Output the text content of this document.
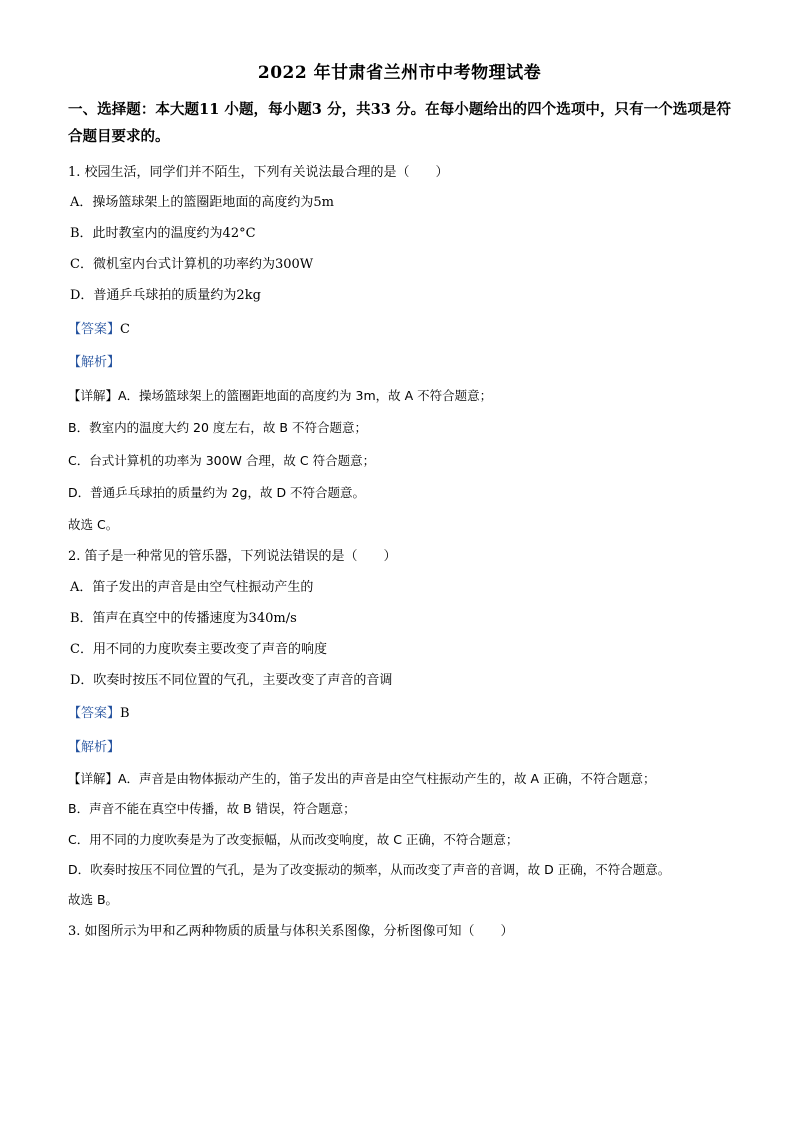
2022 年甘肃省兰州市中考物理试卷
一、选择题：本大题11 小题，每小题3 分，共33 分。在每小题给出的四个选项中，只有一个选项是符合题目要求的。
1. 校园生活，同学们并不陌生，下列有关说法最合理的是（　　）
A．操场篮球架上的篮圈距地面的高度约为5m
B．此时教室内的温度约为42°C
C．微机室内台式计算机的功率约为300W
D．普通乒乓球拍的质量约为2kg
【答案】C
【解析】
【详解】A．操场篮球架上的篮圈距地面的高度约为 3m，故 A 不符合题意；
B．教室内的温度大约 20 度左右，故 B 不符合题意；
C．台式计算机的功率为 300W 合理，故 C 符合题意；
D．普通乒乓球拍的质量约为 2g，故 D 不符合题意。
故选 C。
2. 笛子是一种常见的管乐器，下列说法错误的是（　　）
A．笛子发出的声音是由空气柱振动产生的
B．笛声在真空中的传播速度为340m/s
C．用不同的力度吹奏主要改变了声音的响度
D．吹奏时按压不同位置的气孔，主要改变了声音的音调
【答案】B
【解析】
【详解】A．声音是由物体振动产生的，笛子发出的声音是由空气柱振动产生的，故 A 正确，不符合题意；
B．声音不能在真空中传播，故 B 错误，符合题意；
C．用不同的力度吹奏是为了改变振幅，从而改变响度，故 C 正确，不符合题意；
D．吹奏时按压不同位置的气孔，是为了改变振动的频率，从而改变了声音的音调，故 D 正确，不符合题意。
故选 B。
3. 如图所示为甲和乙两种物质的质量与体积关系图像，分析图像可知（　　）
